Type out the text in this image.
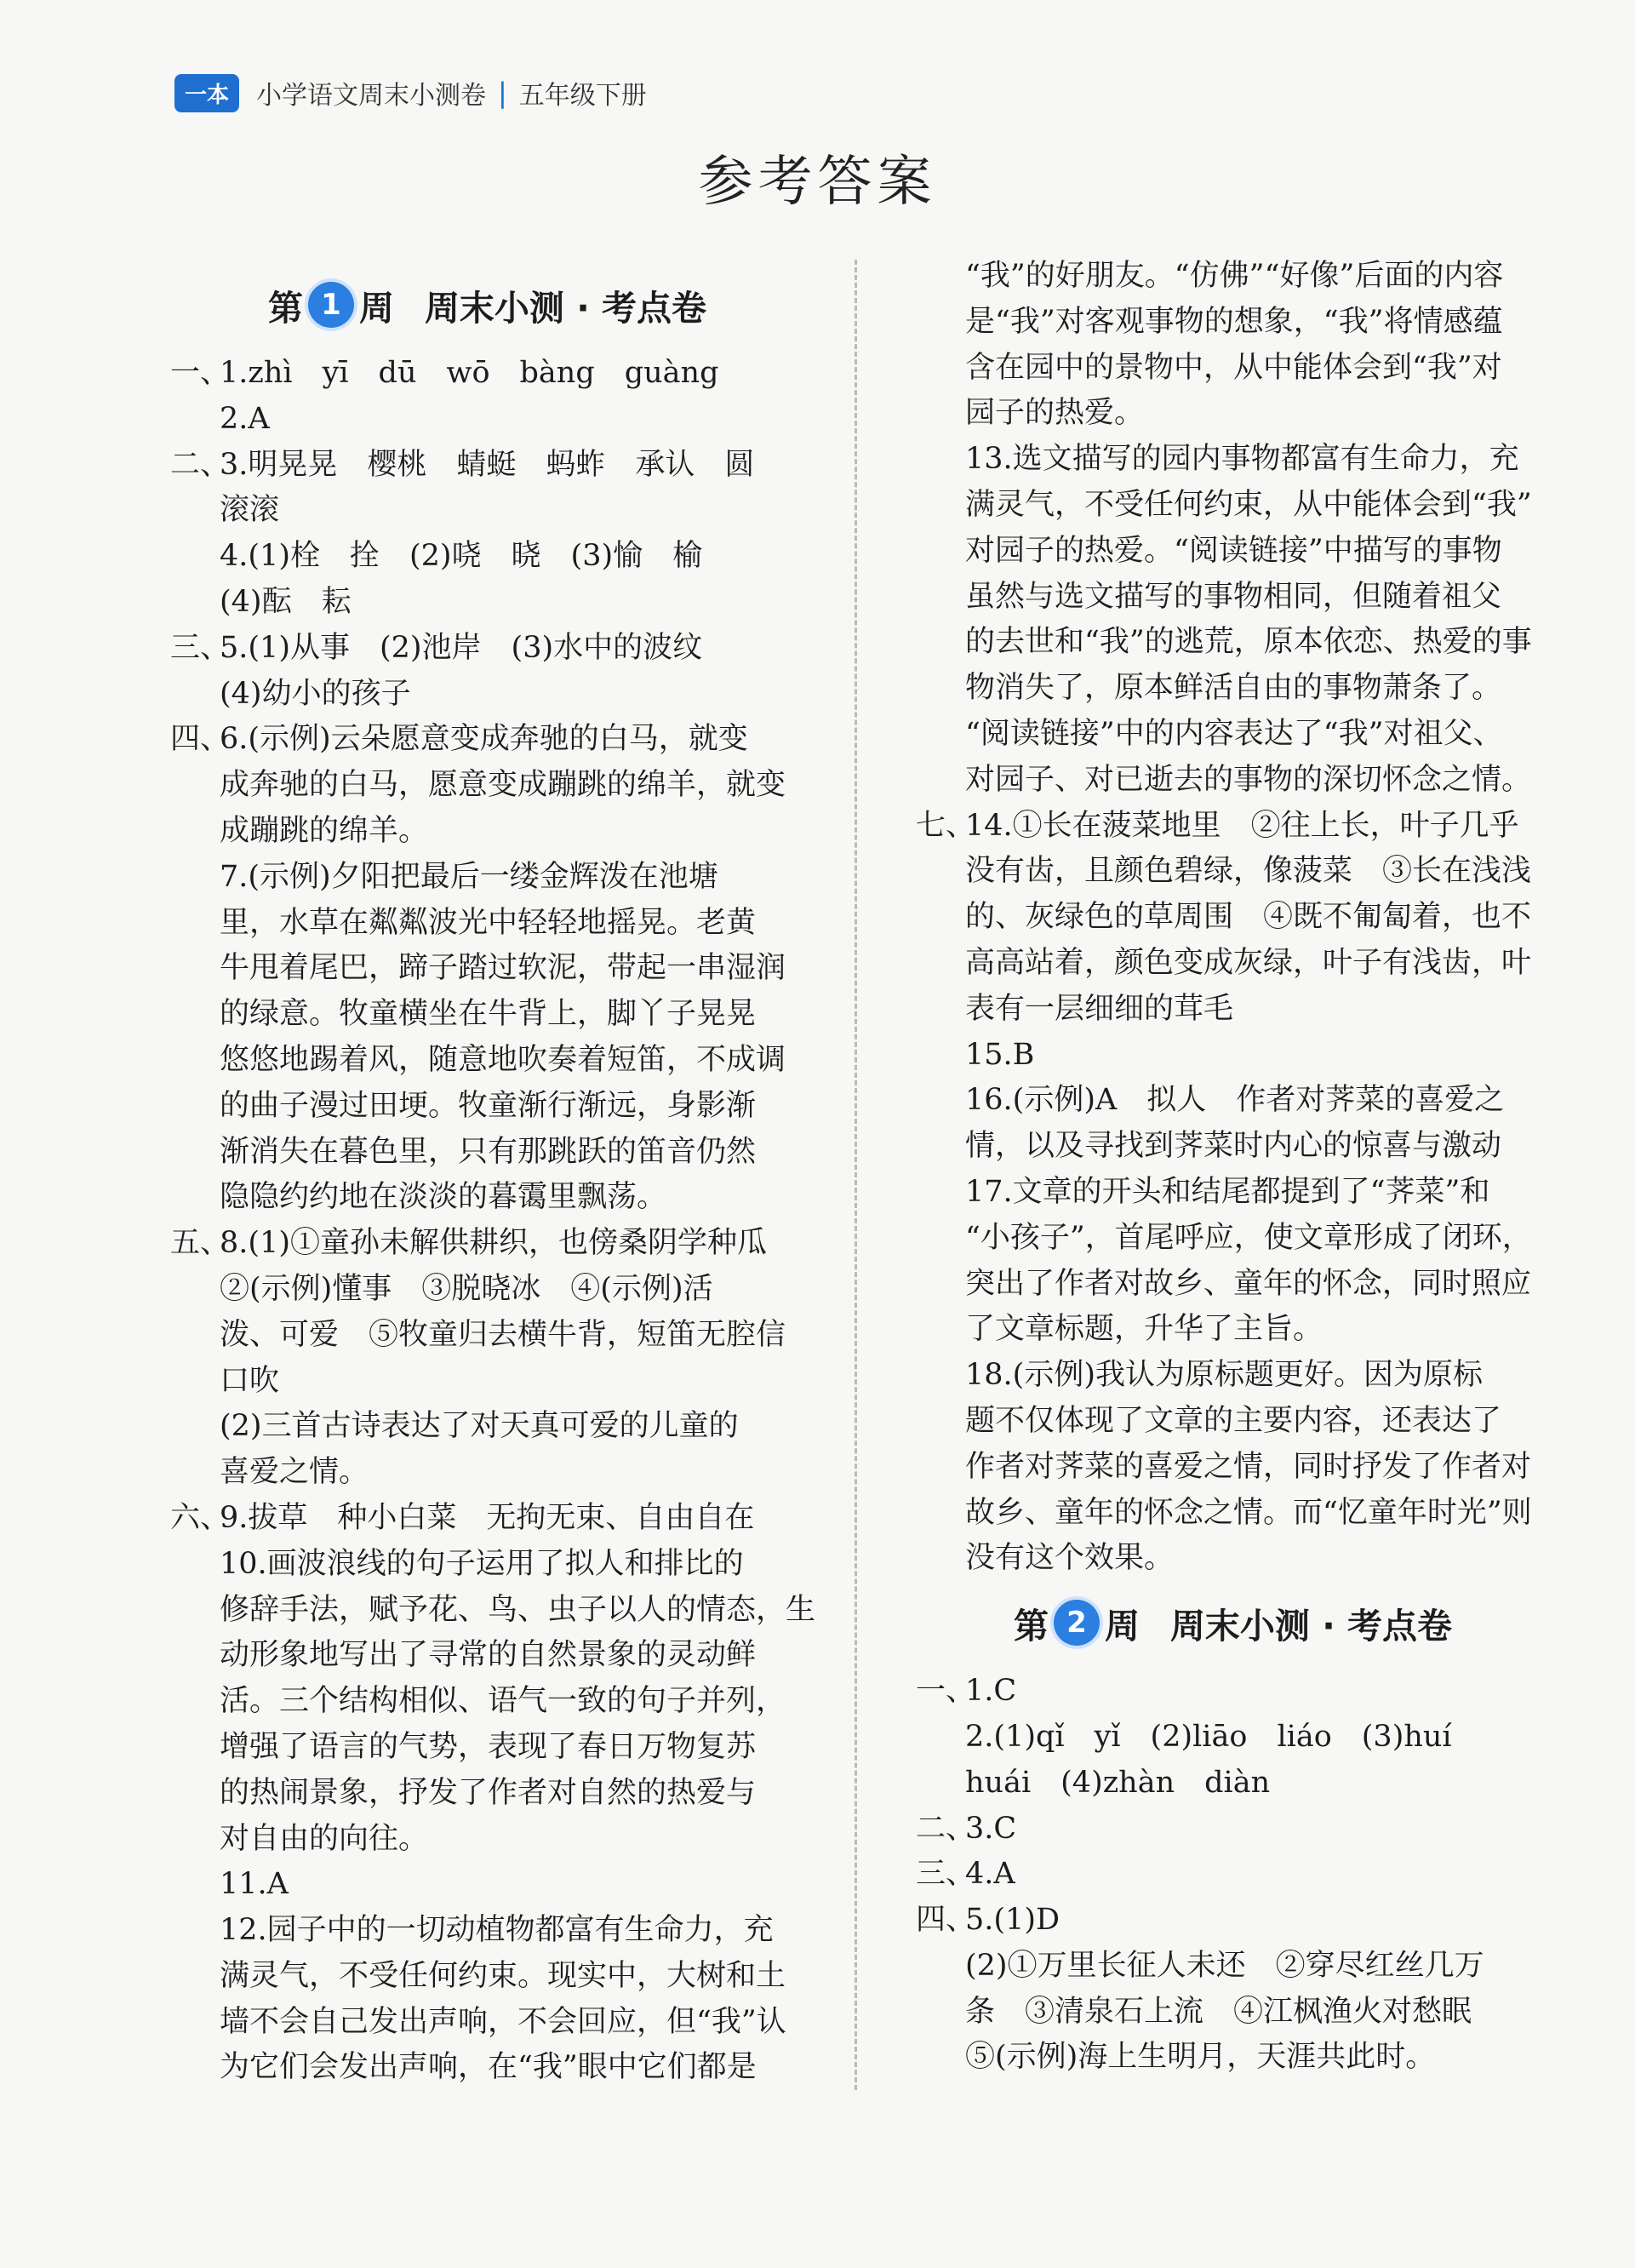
一本	小学语文周末小测卷 | 五年级下册
参考答案
第 1 周 周末小测 · 考点卷
一、1.zhì　yī　dū　wō　bàng　guàng
2.A
二、3.明晃晃　樱桃　蜻蜓　蚂蚱　承认　圆
滚滚
4.(1)栓　拴　(2)哓　晓　(3)愉　榆
(4)酝　耘
三、5.(1)从事　(2)池岸　(3)水中的波纹
(4)幼小的孩子
四、6.(示例)云朵愿意变成奔驰的白马，就变
成奔驰的白马，愿意变成蹦跳的绵羊，就变
成蹦跳的绵羊。
7.(示例)夕阳把最后一缕金辉泼在池塘
里，水草在粼粼波光中轻轻地摇晃。老黄
牛甩着尾巴，蹄子踏过软泥，带起一串湿润
的绿意。牧童横坐在牛背上，脚丫子晃晃
悠悠地踢着风，随意地吹奏着短笛，不成调
的曲子漫过田埂。牧童渐行渐远，身影渐
渐消失在暮色里，只有那跳跃的笛音仍然
隐隐约约地在淡淡的暮霭里飘荡。
五、8.(1)①童孙未解供耕织，也傍桑阴学种瓜
②(示例)懂事　③脱晓冰　④(示例)活
泼、可爱　⑤牧童归去横牛背，短笛无腔信
口吹
(2)三首古诗表达了对天真可爱的儿童的
喜爱之情。
六、9.拔草　种小白菜　无拘无束、自由自在
10.画波浪线的句子运用了拟人和排比的
修辞手法，赋予花、鸟、虫子以人的情态，生
动形象地写出了寻常的自然景象的灵动鲜
活。三个结构相似、语气一致的句子并列，
增强了语言的气势，表现了春日万物复苏
的热闹景象，抒发了作者对自然的热爱与
对自由的向往。
11.A
12.园子中的一切动植物都富有生命力，充
满灵气，不受任何约束。现实中，大树和土
墙不会自己发出声响，不会回应，但“我”认
为它们会发出声响，在“我”眼中它们都是
“我”的好朋友。“仿佛”“好像”后面的内容
是“我”对客观事物的想象，“我”将情感蕴
含在园中的景物中，从中能体会到“我”对
园子的热爱。
13.选文描写的园内事物都富有生命力，充
满灵气，不受任何约束，从中能体会到“我”
对园子的热爱。“阅读链接”中描写的事物
虽然与选文描写的事物相同，但随着祖父
的去世和“我”的逃荒，原本依恋、热爱的事
物消失了，原本鲜活自由的事物萧条了。
“阅读链接”中的内容表达了“我”对祖父、
对园子、对已逝去的事物的深切怀念之情。
七、14.①长在菠菜地里　②往上长，叶子几乎
没有齿，且颜色碧绿，像菠菜　③长在浅浅
的、灰绿色的草周围　④既不匍匐着，也不
高高站着，颜色变成灰绿，叶子有浅齿，叶
表有一层细细的茸毛
15.B
16.(示例)A　拟人　作者对荠菜的喜爱之
情，以及寻找到荠菜时内心的惊喜与激动
17.文章的开头和结尾都提到了“荠菜”和
“小孩子”，首尾呼应，使文章形成了闭环，
突出了作者对故乡、童年的怀念，同时照应
了文章标题，升华了主旨。
18.(示例)我认为原标题更好。因为原标
题不仅体现了文章的主要内容，还表达了
作者对荠菜的喜爱之情，同时抒发了作者对
故乡、童年的怀念之情。而“忆童年时光”则
没有这个效果。
第 2 周 周末小测 · 考点卷
一、1.C
2.(1)qǐ　yǐ　(2)liāo　liáo　(3)huí
huái　(4)zhàn　diàn
二、3.C
三、4.A
四、5.(1)D
(2)①万里长征人未还　②穿尽红丝几万
条　③清泉石上流　④江枫渔火对愁眠
⑤(示例)海上生明月，天涯共此时。
